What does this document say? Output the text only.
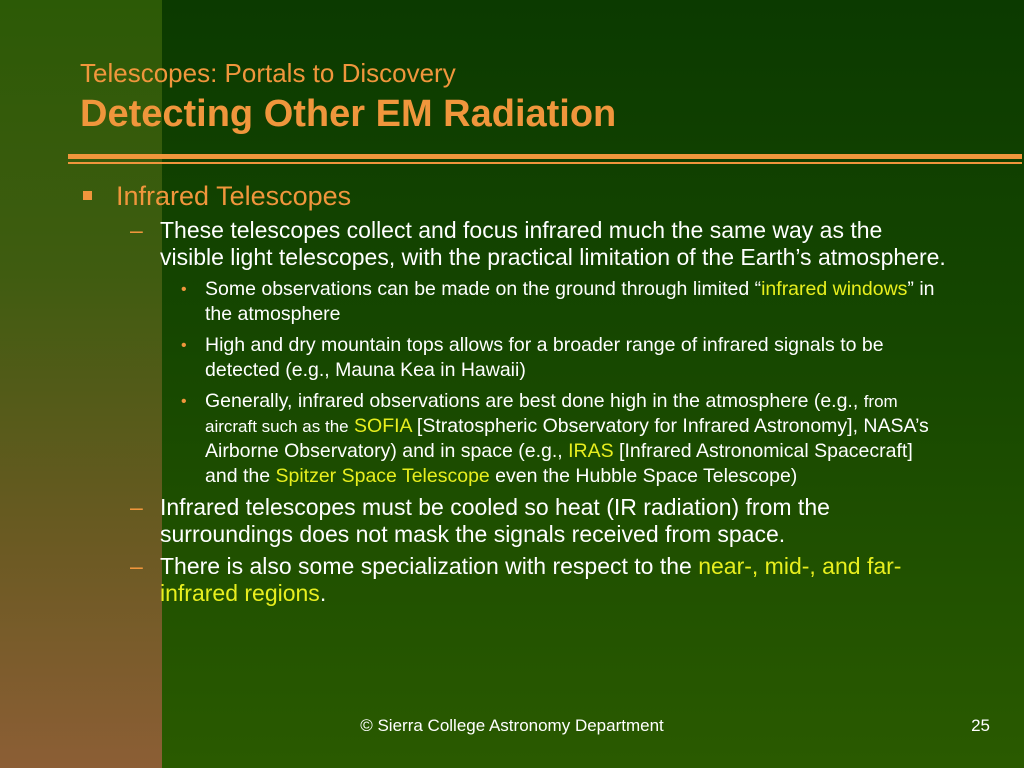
Telescopes: Portals to Discovery
Detecting Other EM Radiation
Infrared Telescopes
– These telescopes collect and focus infrared much the same way as the visible light telescopes, with the practical limitation of the Earth’s atmosphere.
• Some observations can be made on the ground through limited “infrared windows” in the atmosphere
• High and dry mountain tops allows for a broader range of infrared signals to be detected (e.g., Mauna Kea in Hawaii)
• Generally, infrared observations are best done high in the atmosphere (e.g., from aircraft such as the SOFIA [Stratospheric Observatory for Infrared Astronomy], NASA’s Airborne Observatory) and in space (e.g., IRAS [Infrared Astronomical Spacecraft] and the Spitzer Space Telescope even the Hubble Space Telescope)
– Infrared telescopes must be cooled so heat (IR radiation) from the surroundings does not mask the signals received from space.
– There is also some specialization with respect to the near-, mid-, and far-infrared regions.
© Sierra College Astronomy Department	25
